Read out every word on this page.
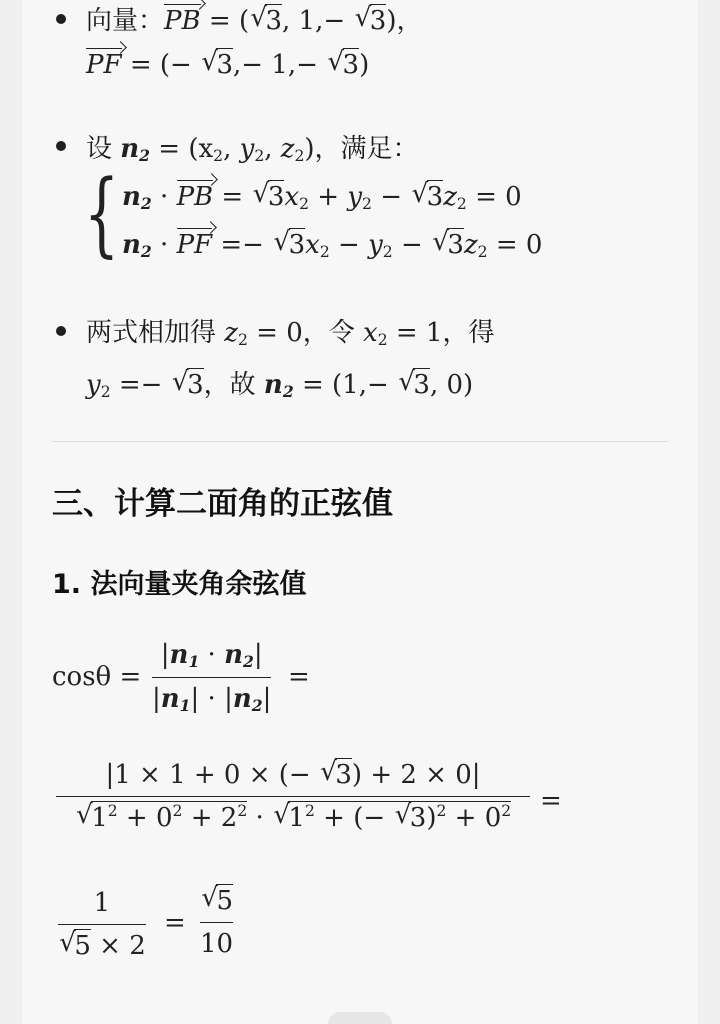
向量：PB = (√ 3, 1,− √ 3)，
PF = (− √ 3,− 1,− √ 3)
设 $n_2 = (x_2$, $y_2$, $z_2$)，满足：
{ $n_2$ · PB = √ $3x_2 + y_2$ − √ $3z_2 = 0$
$n_2$ · PF =− √ $3x_2 - y_2$ − √ $3z_2 = 0$
两式相加得 $z_2 = 0$，令 $x_2 = 1$，得
$y_2$ =− √ 3，故 $n_2 = (1,-$ √ 3, 0)
三、计算二面角的正弦值
1. 法向量夹角余弦值
cosθ =
$|n_1 \cdot n_2|$
$|n_1| \cdot |n_2|$
=
|1 × 1 + 0 × (− √ 3) + 2 × 0|
√ $1^2 + 0^2 + 2^2$ · √ $1^2$ + (− √ $3)^2 + 0^2$ =
1
√ 5 × 2
=
√ 5
10
